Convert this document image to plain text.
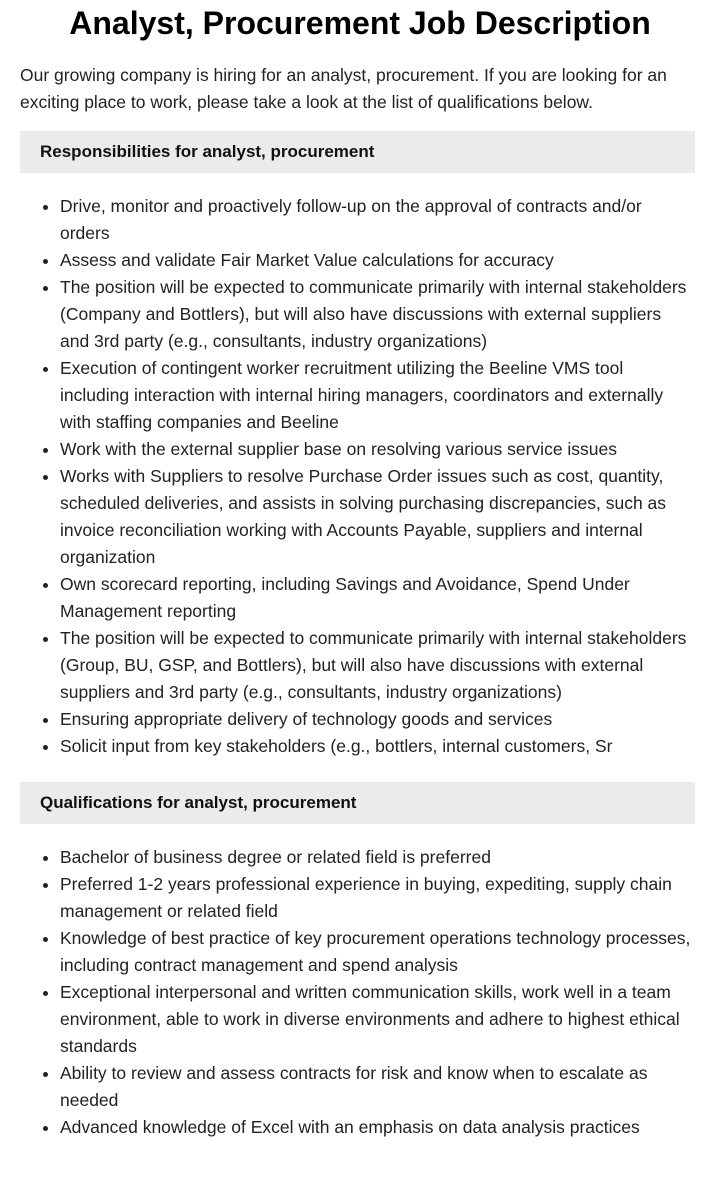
Analyst, Procurement Job Description

Our growing company is hiring for an analyst, procurement. If you are looking for an exciting place to work, please take a look at the list of qualifications below.

Responsibilities for analyst, procurement
• Drive, monitor and proactively follow-up on the approval of contracts and/or orders
• Assess and validate Fair Market Value calculations for accuracy
• The position will be expected to communicate primarily with internal stakeholders (Company and Bottlers), but will also have discussions with external suppliers and 3rd party (e.g., consultants, industry organizations)
• Execution of contingent worker recruitment utilizing the Beeline VMS tool including interaction with internal hiring managers, coordinators and externally with staffing companies and Beeline
• Work with the external supplier base on resolving various service issues
• Works with Suppliers to resolve Purchase Order issues such as cost, quantity, scheduled deliveries, and assists in solving purchasing discrepancies, such as invoice reconciliation working with Accounts Payable, suppliers and internal organization
• Own scorecard reporting, including Savings and Avoidance, Spend Under Management reporting
• The position will be expected to communicate primarily with internal stakeholders (Group, BU, GSP, and Bottlers), but will also have discussions with external suppliers and 3rd party (e.g., consultants, industry organizations)
• Ensuring appropriate delivery of technology goods and services
• Solicit input from key stakeholders (e.g., bottlers, internal customers, Sr
Qualifications for analyst, procurement
• Bachelor of business degree or related field is preferred
• Preferred 1-2 years professional experience in buying, expediting, supply chain management or related field
• Knowledge of best practice of key procurement operations technology processes, including contract management and spend analysis
• Exceptional interpersonal and written communication skills, work well in a team environment, able to work in diverse environments and adhere to highest ethical standards
• Ability to review and assess contracts for risk and know when to escalate as needed
• Advanced knowledge of Excel with an emphasis on data analysis practices
